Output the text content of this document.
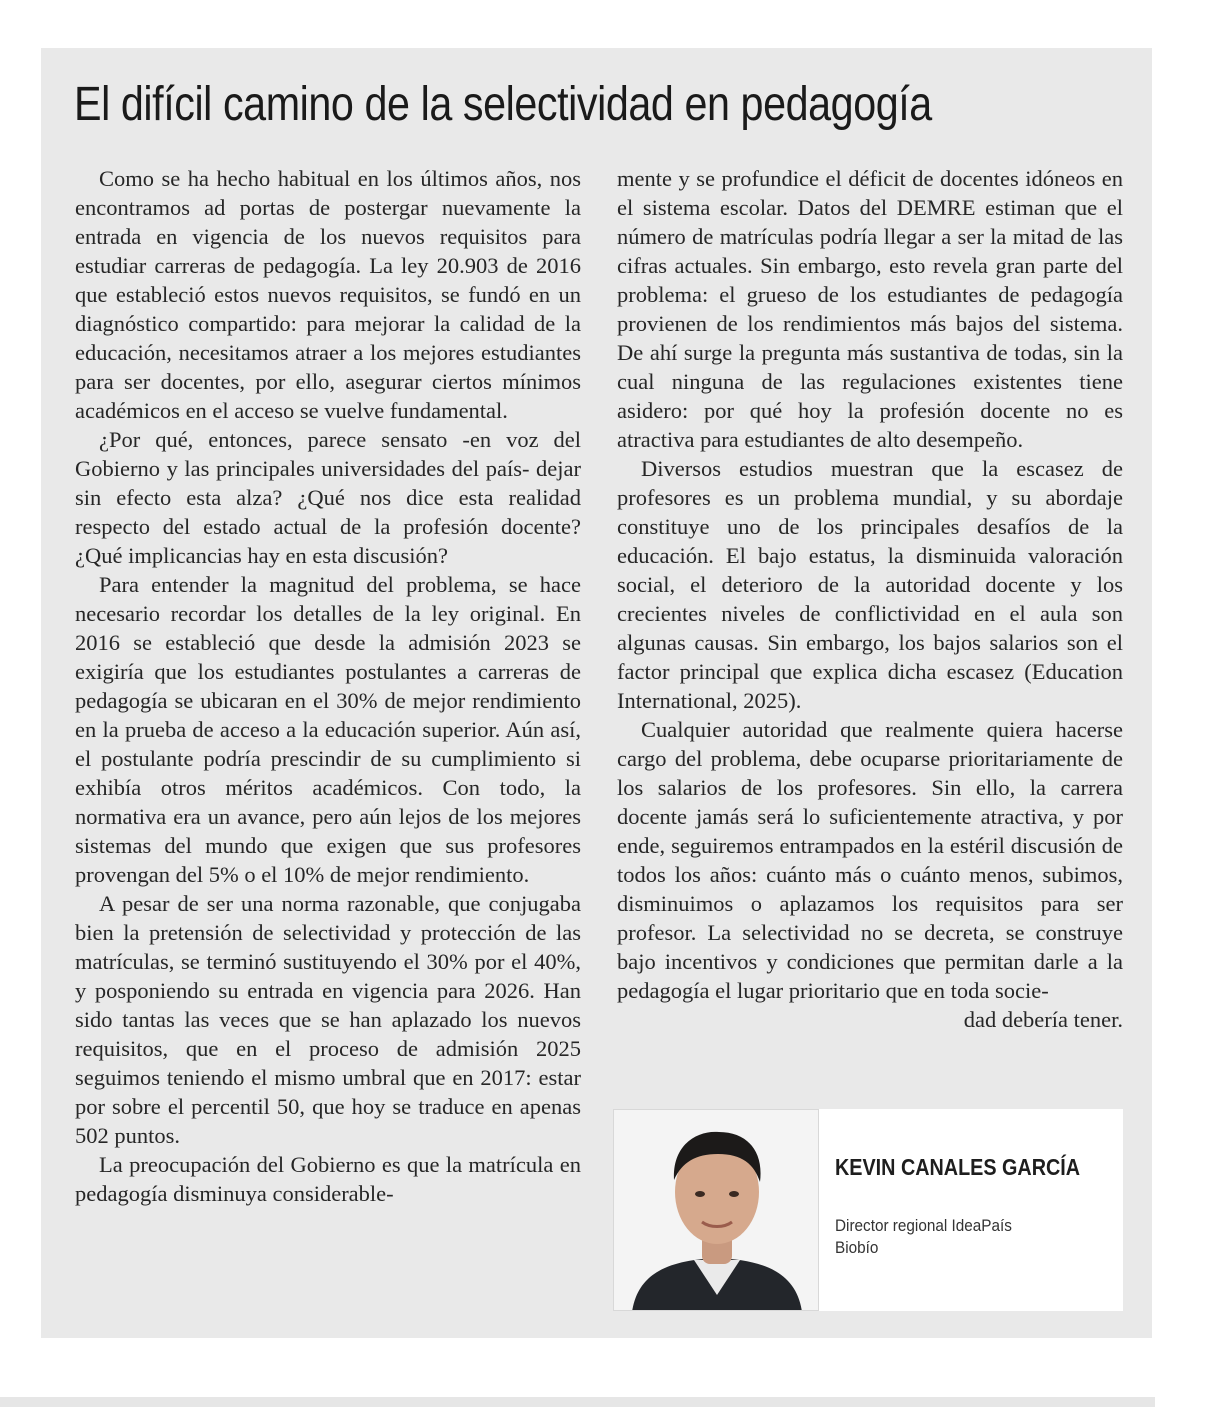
El difícil camino de la selectividad en pedagogía

Como se ha hecho habitual en los últimos años, nos encontramos ad portas de postergar nuevamente la entrada en vigencia de los nuevos requisitos para estudiar carreras de pedagogía. La ley 20.903 de 2016 que estableció estos nuevos requisitos, se fundó en un diagnóstico compartido: para mejorar la calidad de la educación, necesitamos atraer a los mejores estudiantes para ser docentes, por ello, asegurar ciertos mínimos académicos en el acceso se vuelve fundamental.

¿Por qué, entonces, parece sensato -en voz del Gobierno y las principales universidades del país- dejar sin efecto esta alza? ¿Qué nos dice esta realidad respecto del estado actual de la profesión docente? ¿Qué implicancias hay en esta discusión?

Para entender la magnitud del problema, se hace necesario recordar los detalles de la ley original. En 2016 se estableció que desde la admisión 2023 se exigiría que los estudiantes postulantes a carreras de pedagogía se ubicaran en el 30% de mejor rendimiento en la prueba de acceso a la educación superior. Aún así, el postulante podría prescindir de su cumplimiento si exhibía otros méritos académicos. Con todo, la normativa era un avance, pero aún lejos de los mejores sistemas del mundo que exigen que sus profesores provengan del 5% o el 10% de mejor rendimiento.

A pesar de ser una norma razonable, que conjugaba bien la pretensión de selectividad y protección de las matrículas, se terminó sustituyendo el 30% por el 40%, y posponiendo su entrada en vigencia para 2026. Han sido tantas las veces que se han aplazado los nuevos requisitos, que en el proceso de admisión 2025 seguimos teniendo el mismo umbral que en 2017: estar por sobre el percentil 50, que hoy se traduce en apenas 502 puntos.

La preocupación del Gobierno es que la matrícula en pedagogía disminuya considerable-

mente y se profundice el déficit de docentes idóneos en el sistema escolar. Datos del DEMRE estiman que el número de matrículas podría llegar a ser la mitad de las cifras actuales. Sin embargo, esto revela gran parte del problema: el grueso de los estudiantes de pedagogía provienen de los rendimientos más bajos del sistema. De ahí surge la pregunta más sustantiva de todas, sin la cual ninguna de las regulaciones existentes tiene asidero: por qué hoy la profesión docente no es atractiva para estudiantes de alto desempeño.

Diversos estudios muestran que la escasez de profesores es un problema mundial, y su abordaje constituye uno de los principales desafíos de la educación. El bajo estatus, la disminuida valoración social, el deterioro de la autoridad docente y los crecientes niveles de conflictividad en el aula son algunas causas. Sin embargo, los bajos salarios son el factor principal que explica dicha escasez (Education International, 2025).

Cualquier autoridad que realmente quiera hacerse cargo del problema, debe ocuparse prioritariamente de los salarios de los profesores. Sin ello, la carrera docente jamás será lo suficientemente atractiva, y por ende, seguiremos entrampados en la estéril discusión de todos los años: cuánto más o cuánto menos, subimos, disminuimos o aplazamos los requisitos para ser profesor. La selectividad no se decreta, se construye bajo incentivos y condiciones que permitan darle a la pedagogía el lugar prioritario que en toda socie-

dad debería tener.

KEVIN CANALES GARCÍA
Director regional IdeaPaís
Biobío
